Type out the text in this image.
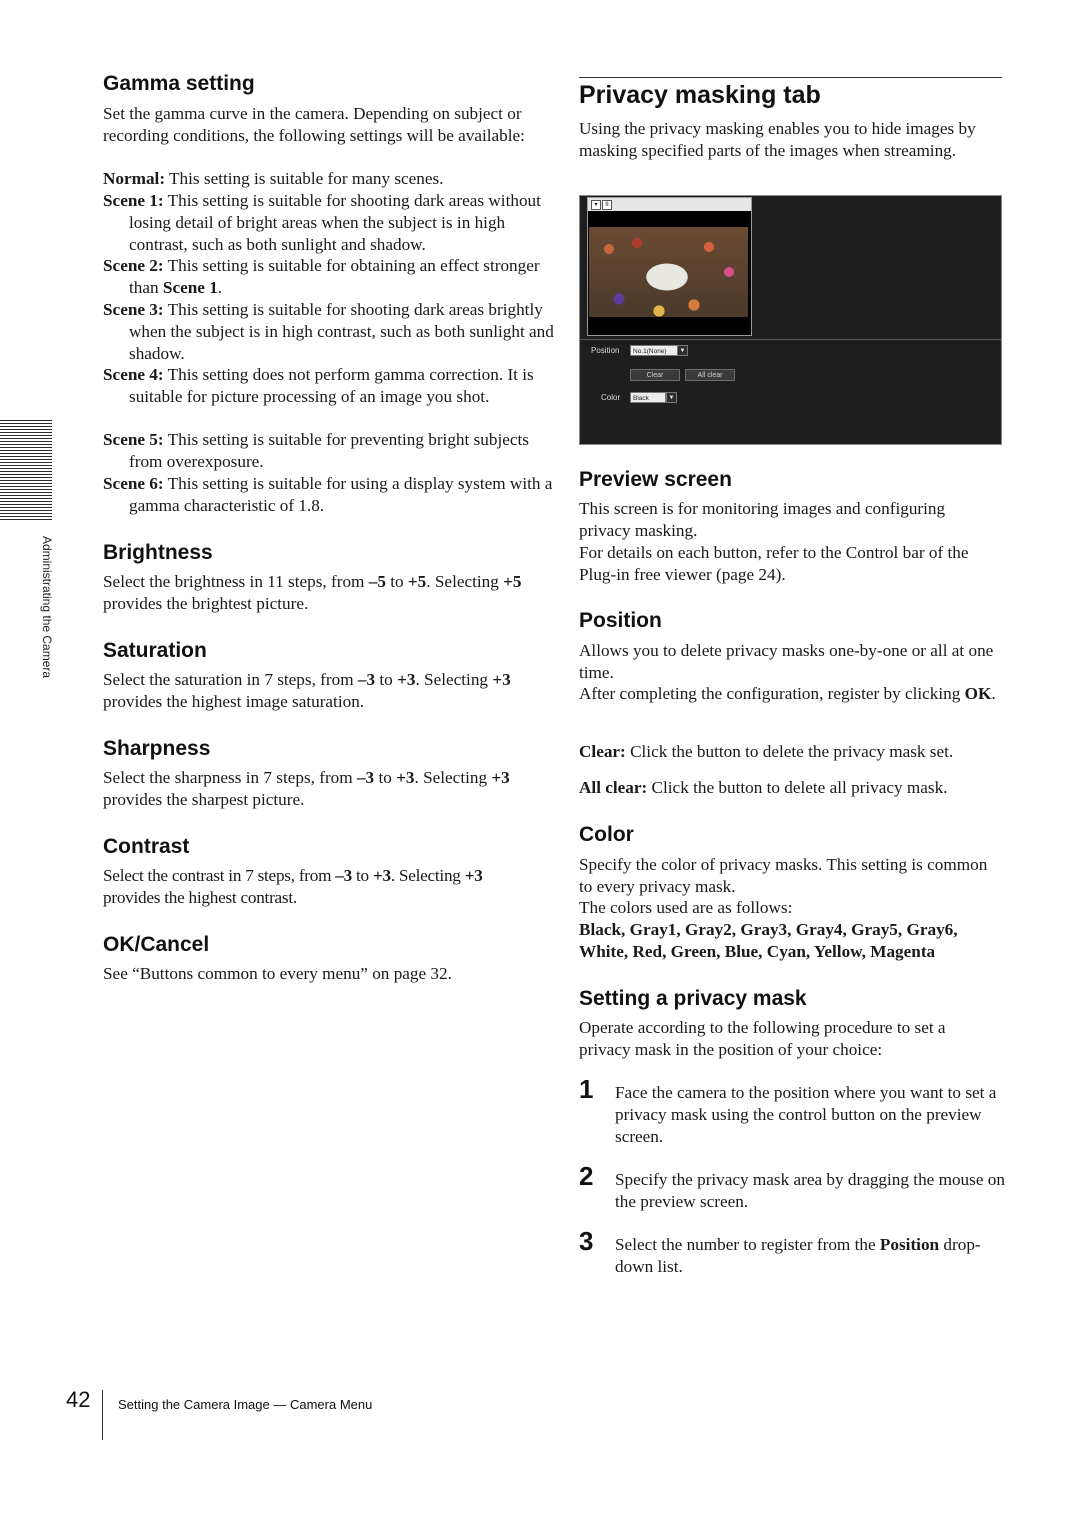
Administrating the Camera
Gamma setting

Set the gamma curve in the camera. Depending on subject or recording conditions, the following settings will be available:

Normal: This setting is suitable for many scenes.

Scene 1: This setting is suitable for shooting dark areas without losing detail of bright areas when the subject is in high contrast, such as both sunlight and shadow.

Scene 2: This setting is suitable for obtaining an effect stronger than Scene 1.

Scene 3: This setting is suitable for shooting dark areas brightly when the subject is in high contrast, such as both sunlight and shadow.

Scene 4: This setting does not perform gamma correction. It is suitable for picture processing of an image you shot.

Scene 5: This setting is suitable for preventing bright subjects from overexposure.

Scene 6: This setting is suitable for using a display system with a gamma characteristic of 1.8.

Brightness

Select the brightness in 11 steps, from –5 to +5. Selecting +5 provides the brightest picture.

Saturation

Select the saturation in 7 steps, from –3 to +3. Selecting +3 provides the highest image saturation.

Sharpness

Select the sharpness in 7 steps, from –3 to +3. Selecting +3 provides the sharpest picture.

Contrast

Select the contrast in 7 steps, from –3 to +3. Selecting +3 provides the highest contrast.

OK/Cancel

See “Buttons common to every menu” on page 32.

Privacy masking tab

Using the privacy masking enables you to hide images by masking specified parts of the images when streaming.

▾	II
Position	No.1(None)	▼
Clear	All clear
Color	Black	▼
Preview screen

This screen is for monitoring images and configuring privacy masking.

For details on each button, refer to the Control bar of the Plug-in free viewer (page 24).

Position

Allows you to delete privacy masks one-by-one or all at one time.

After completing the configuration, register by clicking OK.

Clear: Click the button to delete the privacy mask set.

All clear: Click the button to delete all privacy mask.

Color

Specify the color of privacy masks. This setting is common to every privacy mask.

The colors used are as follows:

Black, Gray1, Gray2, Gray3, Gray4, Gray5, Gray6, White, Red, Green, Blue, Cyan, Yellow, Magenta

Setting a privacy mask

Operate according to the following procedure to set a privacy mask in the position of your choice:

1 Face the camera to the position where you want to set a privacy mask using the control button on the preview screen.

2 Specify the privacy mask area by dragging the mouse on the preview screen.

3 Select the number to register from the Position drop-down list.

42 Setting the Camera Image — Camera Menu
